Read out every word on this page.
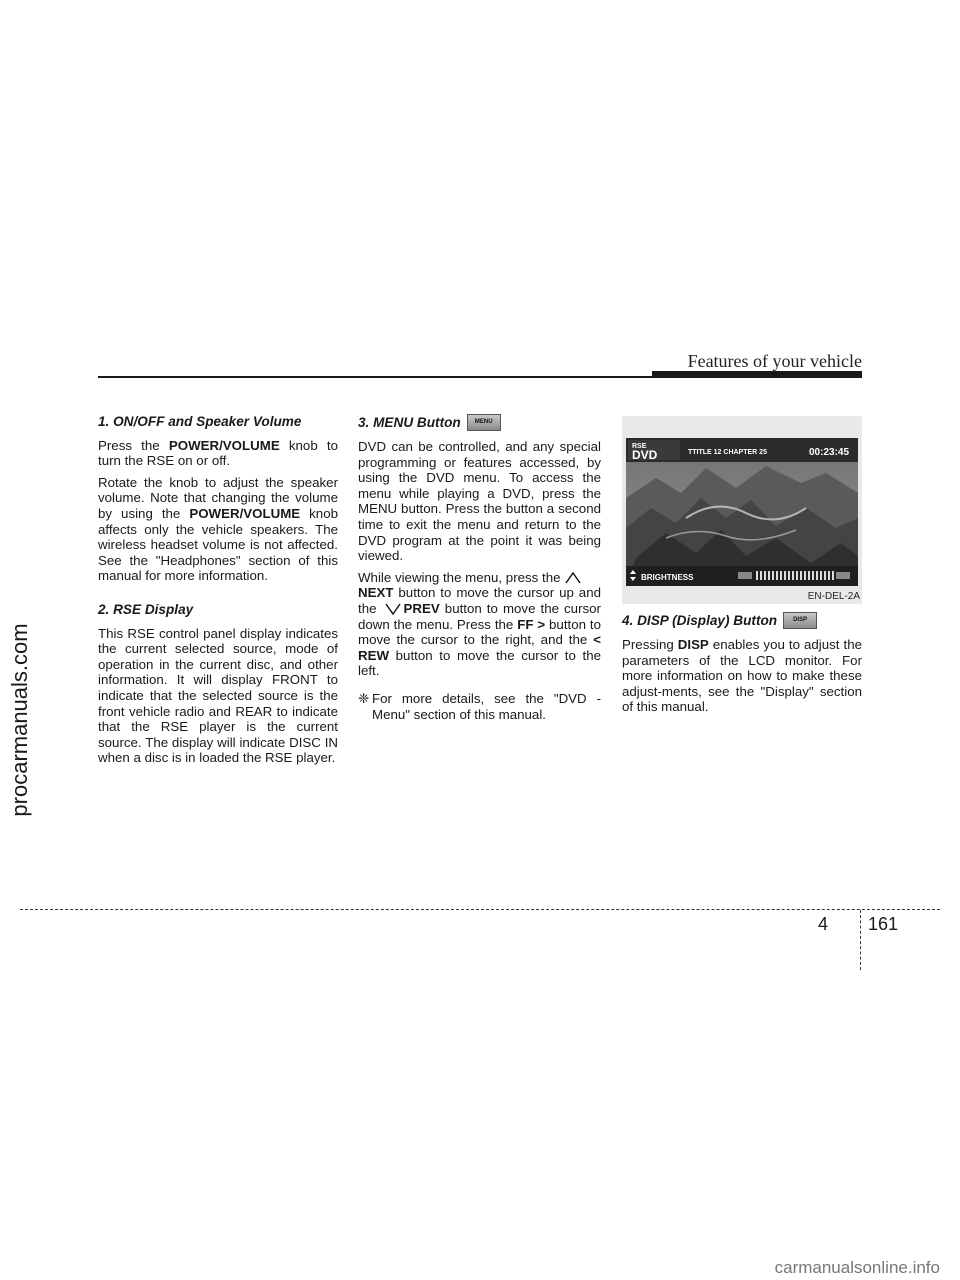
Features of your vehicle
procarmanuals.com
1. ON/OFF and Speaker Volume

Press the POWER/VOLUME knob to turn the RSE on or off.

Rotate the knob to adjust the speaker volume. Note that changing the volume by using the POWER/VOLUME knob affects only the vehicle speakers. The wireless headset volume is not affected. See the "Headphones" section of this manual for more information.

2. RSE Display

This RSE control panel display indicates the current selected source, mode of operation in the current disc, and other information. It will display FRONT to indicate that the selected source is the front vehicle radio and REAR to indicate that the RSE player is the current source. The display will indicate DISC IN when a disc is in loaded the RSE player.

3. MENU Button	MENU

DVD can be controlled, and any special programming or features accessed, by using the DVD menu. To access the menu while playing a DVD, press the MENU button. Press the button a second time to exit the menu and return to the DVD program at the point it was being viewed.

While viewing the menu, press the
NEXT button to move the cursor up and the PREV button to move the cursor down the menu. Press the FF > button to move the cursor to the right, and the < REW button to move the cursor to the left.

❈ For more details, see the "DVD - Menu" section of this manual.
RSE
DVD	TTITLE 12 CHAPTER 25	00:23:45
BRIGHTNESS
EN-DEL-2A
4. DISP (Display) Button	DISP

Pressing DISP enables you to adjust the parameters of the LCD monitor. For more information on how to make these adjust-ments, see the "Display" section of this manual.

4 161
carmanualsonline.info
